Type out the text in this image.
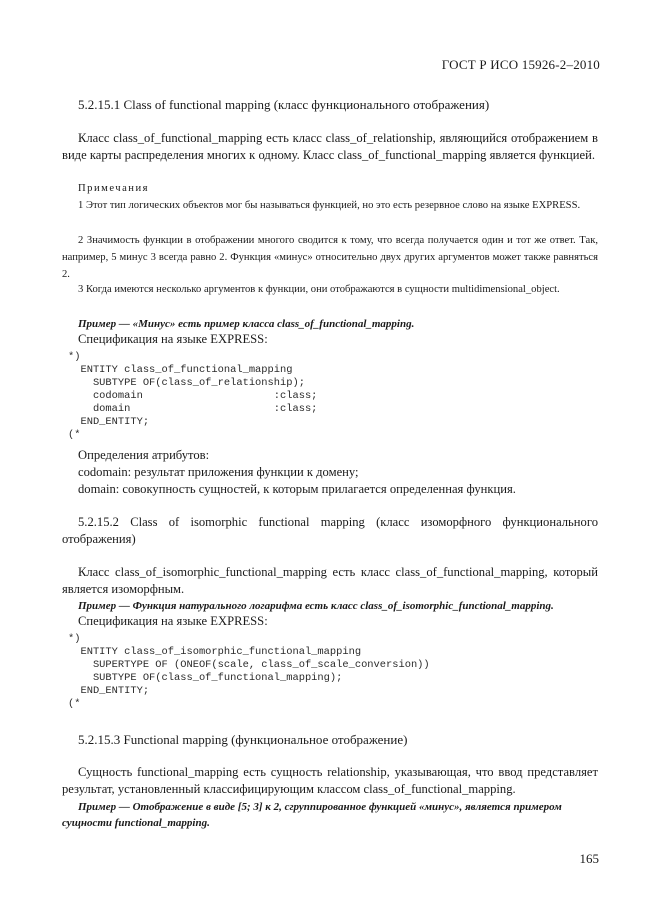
ГОСТ Р ИСО 15926-2–2010
5.2.15.1 Class of functional mapping (класс функционального отображения)
Класс class_of_functional_mapping есть класс class_of_relationship, являющийся отображением в виде карты распределения многих к одному. Класс class_of_functional_mapping является функцией.
Примечания
1 Этот тип логических объектов мог бы называться функцией, но это есть резервное слово на языке EXPRESS.
2 Значимость функции в отображении многого сводится к тому, что всегда получается один и тот же ответ. Так, например, 5 минус 3 всегда равно 2. Функция «минус» относительно двух других аргументов может также равняться 2.
3 Когда имеются несколько аргументов к функции, они отображаются в сущности multidimensional_object.
Пример — «Минус» есть пример класса class_of_functional_mapping.
Спецификация на языке EXPRESS:
*)
ENTITY class_of_functional_mapping
SUBTYPE OF(class_of_relationship);
codomain                     :class;
domain                       :class;
END_ENTITY;
(*
Определения атрибутов:
codomain: результат приложения функции к домену;
domain: совокупность сущностей, к которым прилагается определенная функция.
5.2.15.2 Class of isomorphic functional mapping (класс изоморфного функционального отображения)
Класс class_of_isomorphic_functional_mapping есть класс class_of_functional_mapping, который является изоморфным.
Пример — Функция натурального логарифма есть класс class_of_isomorphic_functional_mapping.
Спецификация на языке EXPRESS:
*)
ENTITY class_of_isomorphic_functional_mapping
SUPERTYPE OF (ONEOF(scale, class_of_scale_conversion))
SUBTYPE OF(class_of_functional_mapping);
END_ENTITY;
(*
5.2.15.3 Functional mapping (функциональное отображение)
Сущность functional_mapping есть сущность relationship, указывающая, что ввод представляет результат, установленный классифицирующим классом class_of_functional_mapping.
Пример — Отображение в виде [5; 3] к 2, сгруппированное функцией «минус», является примером сущности functional_mapping.
165
